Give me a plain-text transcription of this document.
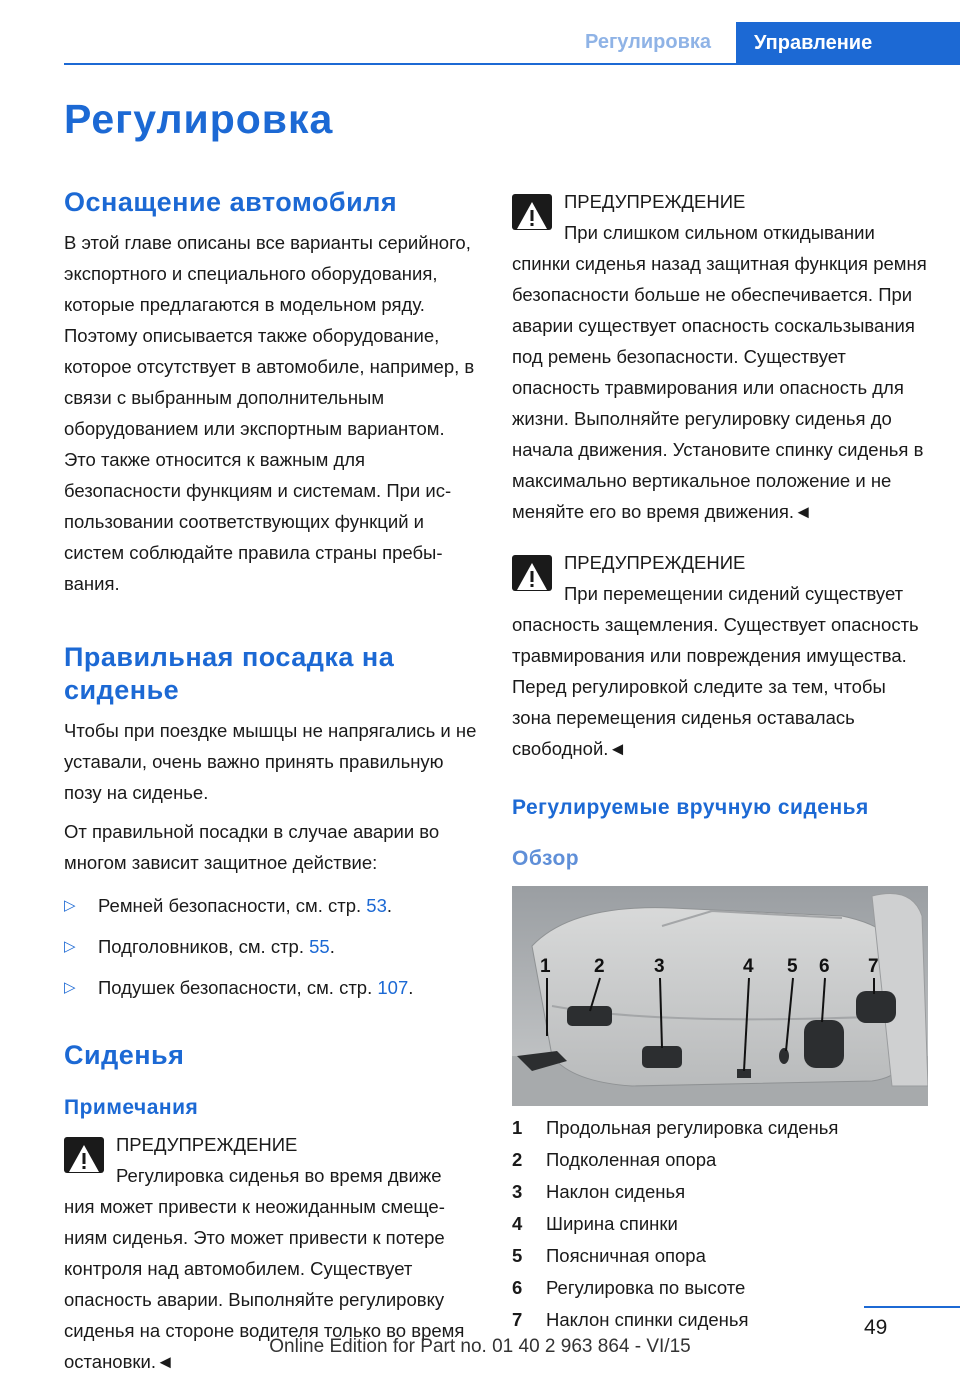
Регулировка	Управление
Регулировка
Оснащение автомобиля

В этой главе описаны все варианты серийного, экспортного и специального оборудования, которые предлагаются в модельном ряду. Поэтому описывается также оборудование, которое отсутствует в автомобиле, например, в связи с выбранным дополнительным оборудованием или экспортным вариантом. Это также относится к важным для безопасности функциям и системам. При использовании соответствующих функций и систем соблюдайте правила страны пребывания.

Правильная посадка на сиденье

Чтобы при поездке мышцы не напрягались и не уставали, очень важно принять правильную позу на сиденье.

От правильной посадки в случае аварии во многом зависит защитное действие:

▷ Ремней безопасности, см. стр. 53.
▷ Подголовников, см. стр. 55.
▷ Подушек безопасности, см. стр. 107.
Сиденья
Примечания
ПРЕДУПРЕЖДЕНИЕ
Регулировка сиденья во время движе
ния может привести к неожиданным смещениям сиденья. Это может привести к потере контроля над автомобилем. Существует опасность аварии. Выполняйте регулировку сиденья на стороне водителя только во время остановки.◄
ПРЕДУПРЕЖДЕНИЕ
При слишком сильном откидывании
спинки сиденья назад защитная функция ремня безопасности больше не обеспечивается. При аварии существует опасность соскальзывания под ремень безопасности. Существует опасность травмирования или опасность для жизни. Выполняйте регулировку сиденья до начала движения. Установите спинку сиденья в максимально вертикальное положение и не меняйте его во время движения.◄
ПРЕДУПРЕЖДЕНИЕ
При перемещении сидений существует
опасность защемления. Существует опасность травмирования или повреждения имущества. Перед регулировкой следите за тем, чтобы зона перемещения сиденья оставалась свободной.◄
Регулируемые вручную сиденья
Обзор
1 2	3	4 5 6 7
1	Продольная регулировка сиденья
2	Подколенная опора
3	Наклон сиденья
4	Ширина спинки
5	Поясничная опора
6	Регулировка по высоте
7	Наклон спинки сиденья	49
Online Edition for Part no. 01 40 2 963 864 - VI/15
